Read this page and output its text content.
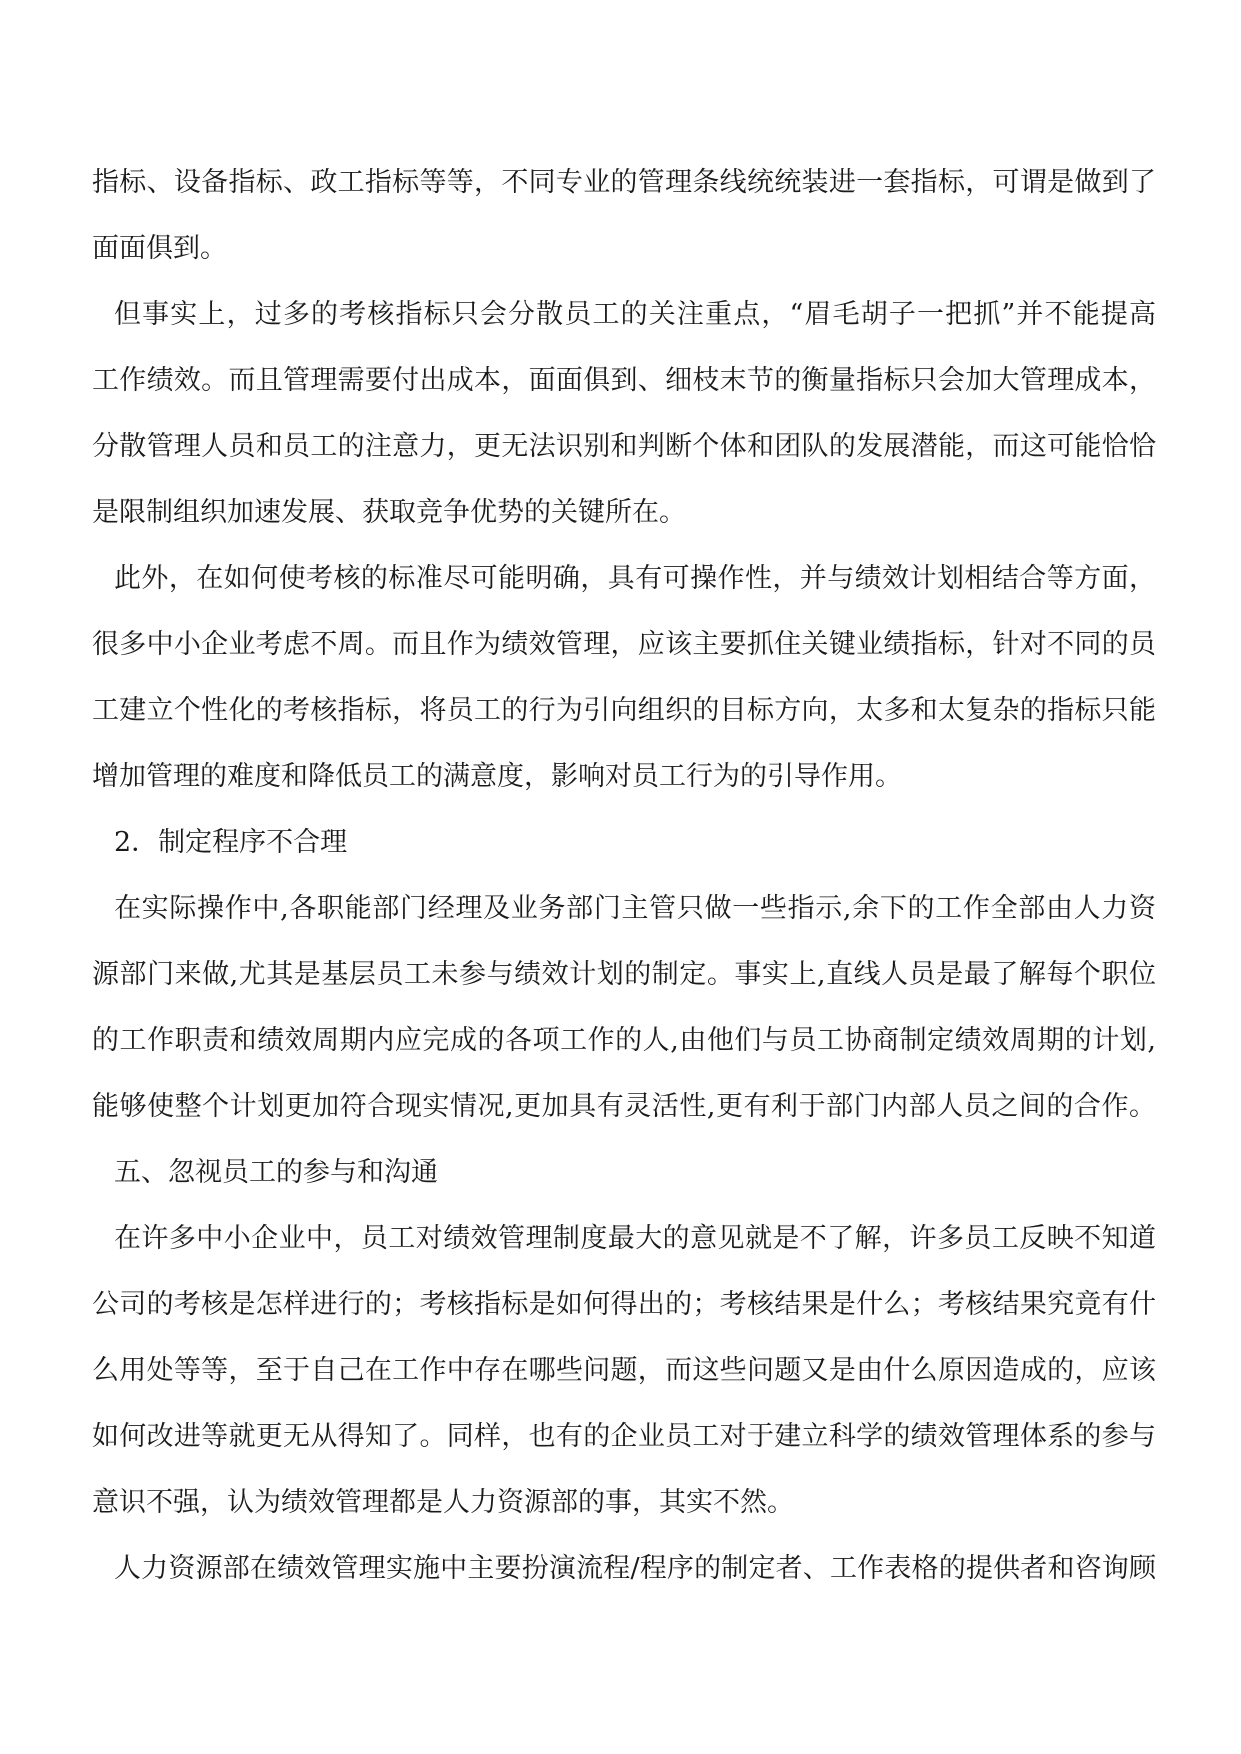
指标、设备指标、政工指标等等，不同专业的管理条线统统装进一套指标，可谓是做到了
面面俱到。
但事实上，过多的考核指标只会分散员工的关注重点，“眉毛胡子一把抓”并不能提高
工作绩效。而且管理需要付出成本，面面俱到、细枝末节的衡量指标只会加大管理成本，
分散管理人员和员工的注意力，更无法识别和判断个体和团队的发展潜能，而这可能恰恰
是限制组织加速发展、获取竞争优势的关键所在。
此外，在如何使考核的标准尽可能明确，具有可操作性，并与绩效计划相结合等方面，
很多中小企业考虑不周。而且作为绩效管理，应该主要抓住关键业绩指标，针对不同的员
工建立个性化的考核指标，将员工的行为引向组织的目标方向，太多和太复杂的指标只能
增加管理的难度和降低员工的满意度，影响对员工行为的引导作用。
2．制定程序不合理
在实际操作中,各职能部门经理及业务部门主管只做一些指示,余下的工作全部由人力资
源部门来做,尤其是基层员工未参与绩效计划的制定。事实上,直线人员是最了解每个职位
的工作职责和绩效周期内应完成的各项工作的人,由他们与员工协商制定绩效周期的计划,
能够使整个计划更加符合现实情况,更加具有灵活性,更有利于部门内部人员之间的合作。
五、忽视员工的参与和沟通
在许多中小企业中，员工对绩效管理制度最大的意见就是不了解，许多员工反映不知道
公司的考核是怎样进行的；考核指标是如何得出的；考核结果是什么；考核结果究竟有什
么用处等等，至于自己在工作中存在哪些问题，而这些问题又是由什么原因造成的，应该
如何改进等就更无从得知了。同样，也有的企业员工对于建立科学的绩效管理体系的参与
意识不强，认为绩效管理都是人力资源部的事，其实不然。
人力资源部在绩效管理实施中主要扮演流程/程序的制定者、工作表格的提供者和咨询顾
